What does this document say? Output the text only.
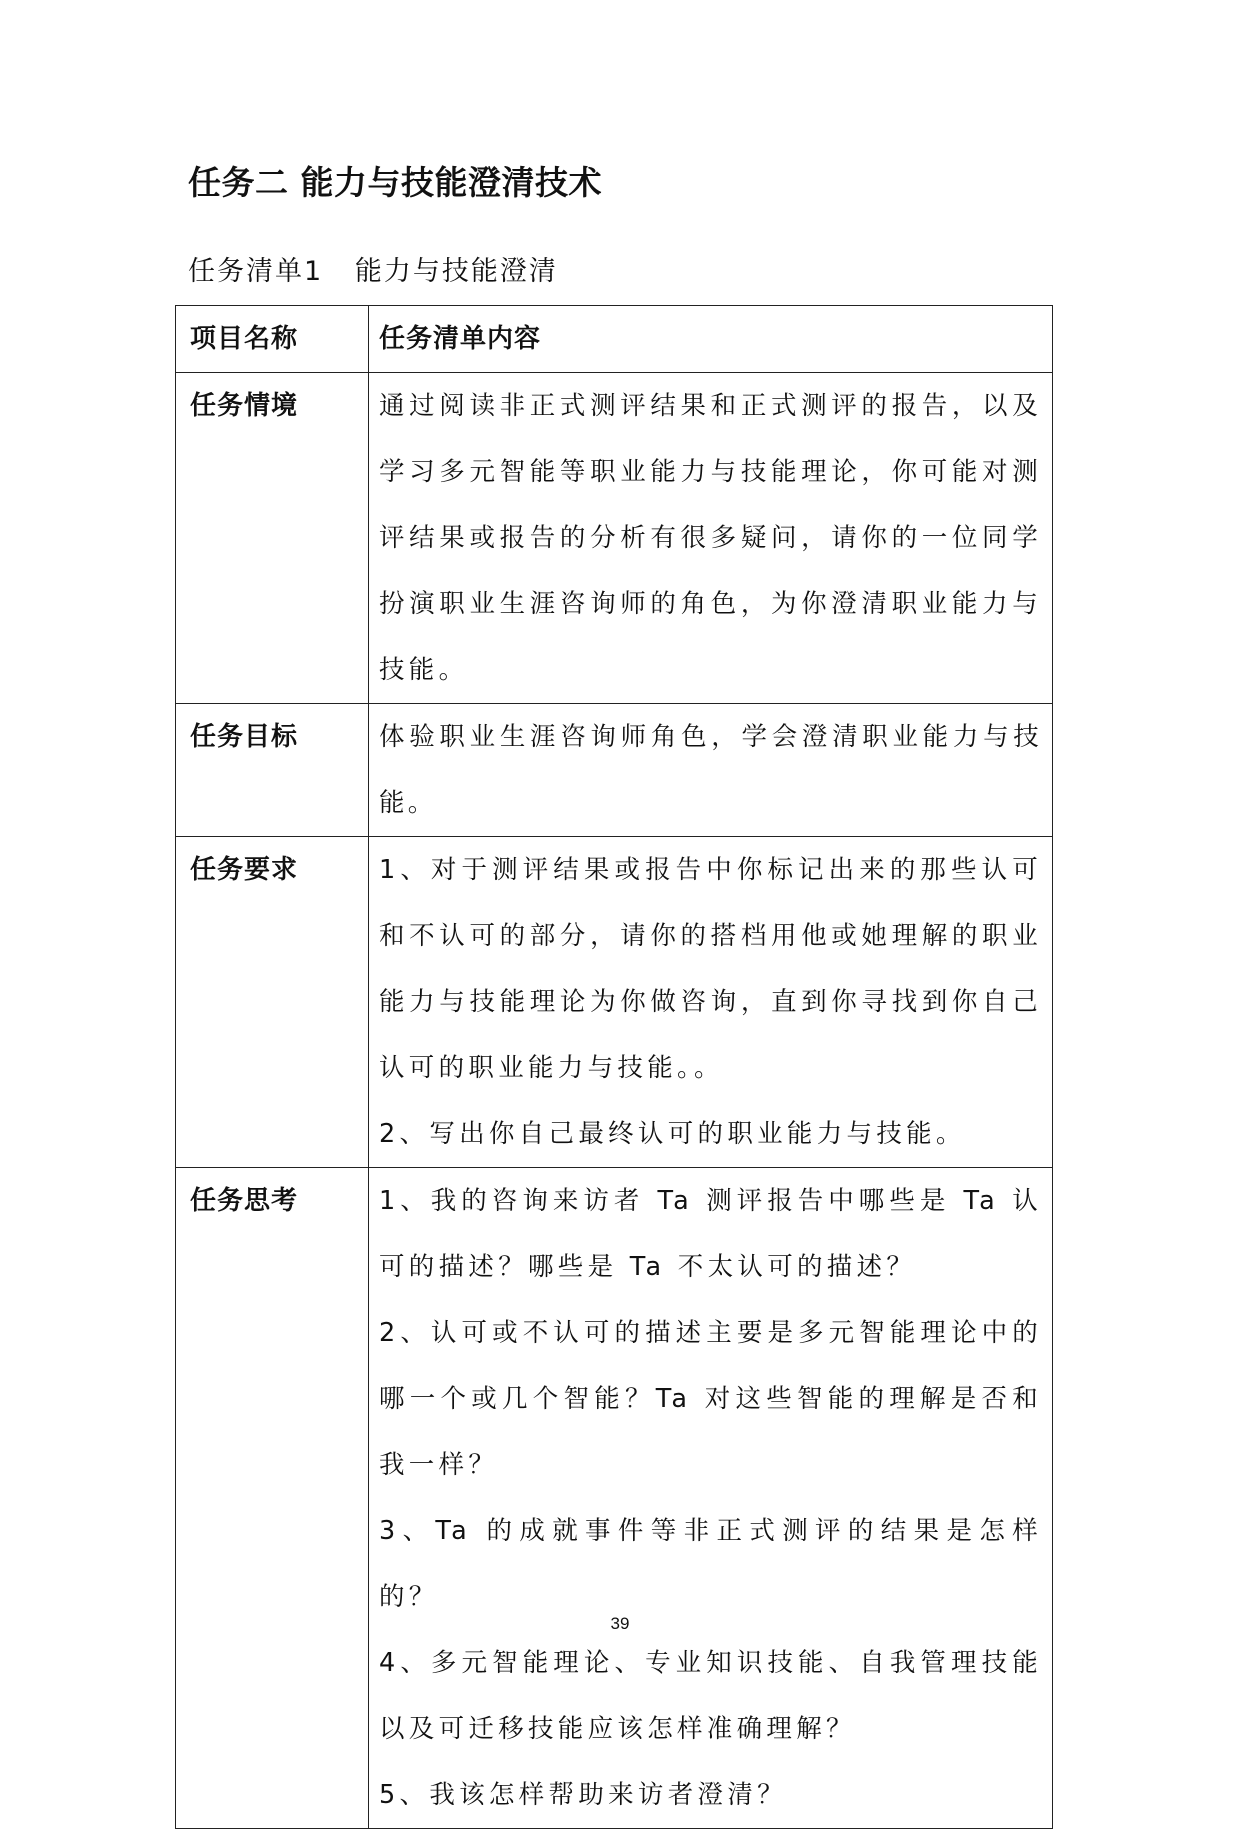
任务二 能力与技能澄清技术

任务清单1   能力与技能澄清

项目名称	任务清单内容

任务情境	通过阅读非正式测评结果和正式测评的报告，以及学习多元智能等职业能力与技能理论，你可能对测评结果或报告的分析有很多疑问，请你的一位同学扮演职业生涯咨询师的角色，为你澄清职业能力与技能。

任务目标	体验职业生涯咨询师角色，学会澄清职业能力与技能。

任务要求	1、对于测评结果或报告中你标记出来的那些认可和不认可的部分，请你的搭档用他或她理解的职业能力与技能理论为你做咨询，直到你寻找到你自己认可的职业能力与技能。。
2、写出你自己最终认可的职业能力与技能。

任务思考	1、我的咨询来访者 Ta 测评报告中哪些是 Ta 认可的描述？哪些是 Ta 不太认可的描述？
2、认可或不认可的描述主要是多元智能理论中的哪一个或几个智能？Ta 对这些智能的理解是否和我一样？
3、Ta 的成就事件等非正式测评的结果是怎样的？
4、多元智能理论、专业知识技能、自我管理技能以及可迁移技能应该怎样准确理解？
5、我该怎样帮助来访者澄清？
39
